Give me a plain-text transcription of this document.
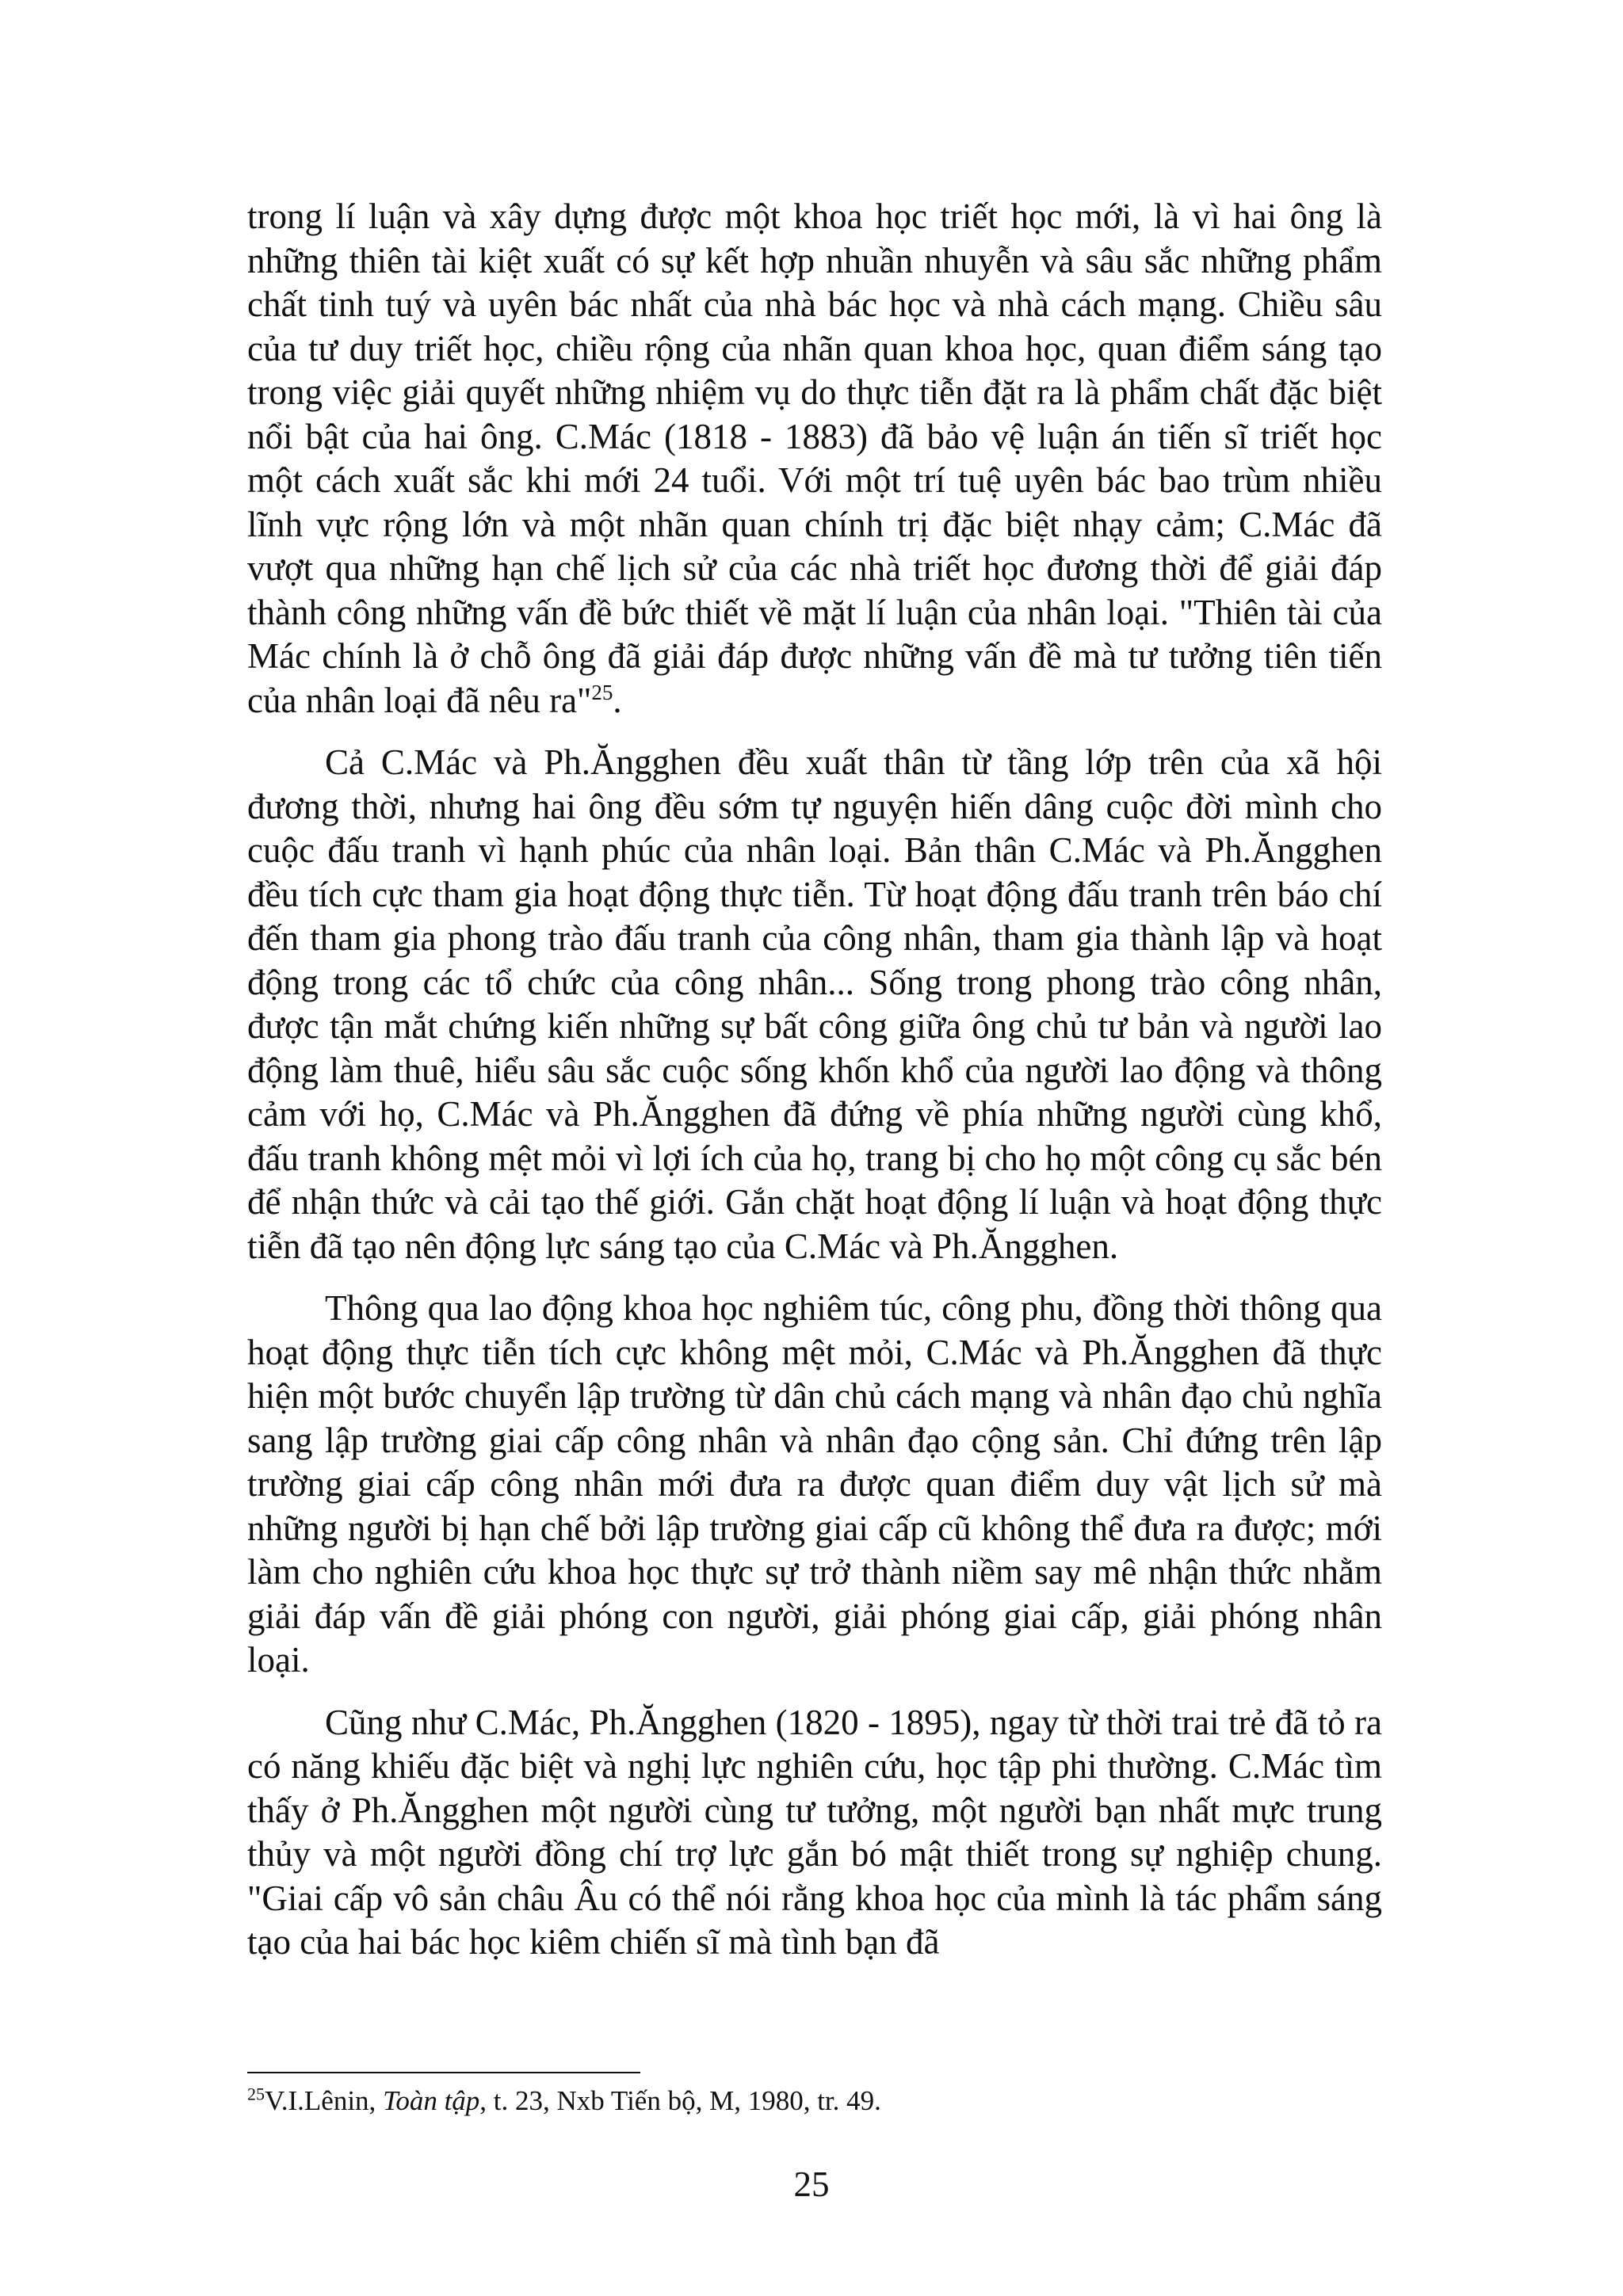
trong lí luận và xây dựng được một khoa học triết học mới, là vì hai ông là những thiên tài kiệt xuất có sự kết hợp nhuần nhuyễn và sâu sắc những phẩm chất tinh tuý và uyên bác nhất của nhà bác học và nhà cách mạng. Chiều sâu của tư duy triết học, chiều rộng của nhãn quan khoa học, quan điểm sáng tạo trong việc giải quyết những nhiệm vụ do thực tiễn đặt ra là phẩm chất đặc biệt nổi bật của hai ông. C.Mác (1818 - 1883) đã bảo vệ luận án tiến sĩ triết học một cách xuất sắc khi mới 24 tuổi. Với một trí tuệ uyên bác bao trùm nhiều lĩnh vực rộng lớn và một nhãn quan chính trị đặc biệt nhạy cảm; C.Mác đã vượt qua những hạn chế lịch sử của các nhà triết học đương thời để giải đáp thành công những vấn đề bức thiết về mặt lí luận của nhân loại. "Thiên tài của Mác chính là ở chỗ ông đã giải đáp được những vấn đề mà tư tưởng tiên tiến của nhân loại đã nêu ra"$^{25}$.

Cả C.Mác và Ph.Ăngghen đều xuất thân từ tầng lớp trên của xã hội đương thời, nhưng hai ông đều sớm tự nguyện hiến dâng cuộc đời mình cho cuộc đấu tranh vì hạnh phúc của nhân loại. Bản thân C.Mác và Ph.Ăngghen đều tích cực tham gia hoạt động thực tiễn. Từ hoạt động đấu tranh trên báo chí đến tham gia phong trào đấu tranh của công nhân, tham gia thành lập và hoạt động trong các tổ chức của công nhân... Sống trong phong trào công nhân, được tận mắt chứng kiến những sự bất công giữa ông chủ tư bản và người lao động làm thuê, hiểu sâu sắc cuộc sống khốn khổ của người lao động và thông cảm với họ, C.Mác và Ph.Ăngghen đã đứng về phía những người cùng khổ, đấu tranh không mệt mỏi vì lợi ích của họ, trang bị cho họ một công cụ sắc bén để nhận thức và cải tạo thế giới. Gắn chặt hoạt động lí luận và hoạt động thực tiễn đã tạo nên động lực sáng tạo của C.Mác và Ph.Ăngghen.

Thông qua lao động khoa học nghiêm túc, công phu, đồng thời thông qua hoạt động thực tiễn tích cực không mệt mỏi, C.Mác và Ph.Ăngghen đã thực hiện một bước chuyển lập trường từ dân chủ cách mạng và nhân đạo chủ nghĩa sang lập trường giai cấp công nhân và nhân đạo cộng sản. Chỉ đứng trên lập trường giai cấp công nhân mới đưa ra được quan điểm duy vật lịch sử mà những người bị hạn chế bởi lập trường giai cấp cũ không thể đưa ra được; mới làm cho nghiên cứu khoa học thực sự trở thành niềm say mê nhận thức nhằm giải đáp vấn đề giải phóng con người, giải phóng giai cấp, giải phóng nhân loại.

Cũng như C.Mác, Ph.Ăngghen (1820 - 1895), ngay từ thời trai trẻ đã tỏ ra có năng khiếu đặc biệt và nghị lực nghiên cứu, học tập phi thường. C.Mác tìm thấy ở Ph.Ăngghen một người cùng tư tưởng, một người bạn nhất mực trung thủy và một người đồng chí trợ lực gắn bó mật thiết trong sự nghiệp chung. "Giai cấp vô sản châu Âu có thể nói rằng khoa học của mình là tác phẩm sáng tạo của hai bác học kiêm chiến sĩ mà tình bạn đã

$^{25}$V.I.Lênin, Toàn tập, t. 23, Nxb Tiến bộ, M, 1980, tr. 49.
25
